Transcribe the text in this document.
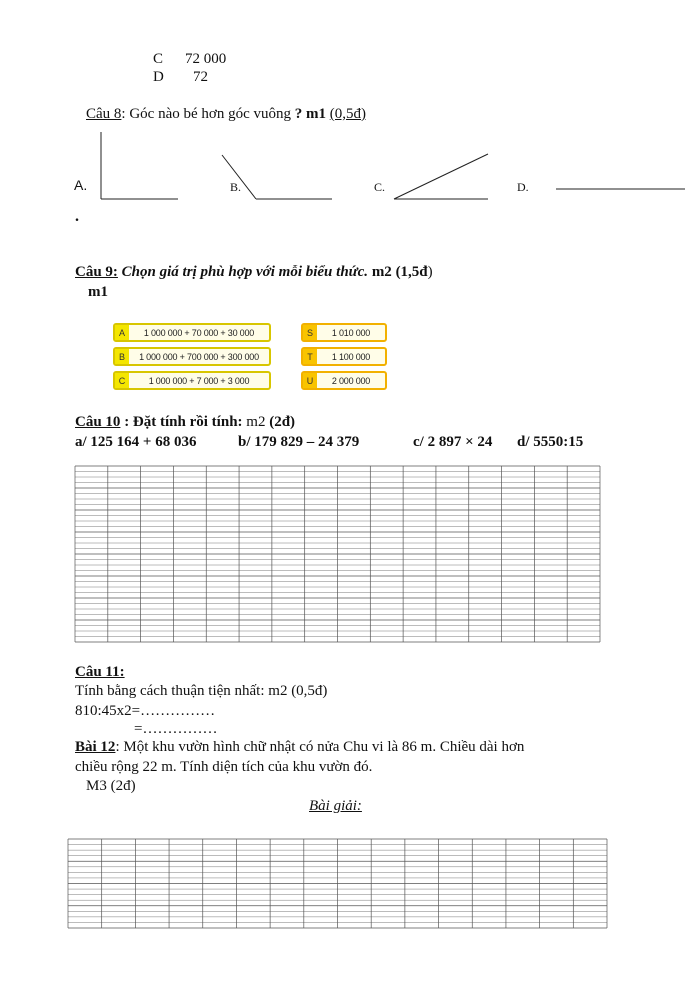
C 72 000
D 72
Câu 8: Góc nào bé hơn góc vuông ? m1 (0,5đ)
A.	B.	C.	D.
.
Câu 9: Chọn giá trị phù hợp với mỗi biểu thức. m2 (1,5đ)
m1
A	1 000 000 + 70 000 + 30 000
B	1 000 000 + 700 000 + 300 000
C	1 000 000 + 7 000 + 3 000
S	1 010 000
T	1 100 000
U	2 000 000
Câu 10 : Đặt tính rồi tính: m2 (2đ)
a/ 125 164 + 68 036	b/ 179 829 – 24 379	c/ 2 897 × 24 d/ 5550:15
Câu 11:
Tính bằng cách thuận tiện nhất: m2 (0,5đ)
810:45x2=……………
=……………
Bài 12: Một khu vườn hình chữ nhật có nửa Chu vi là 86 m. Chiều dài hơn
chiều rộng 22 m. Tính diện tích của khu vườn đó.
M3 (2đ)
Bài giải:
